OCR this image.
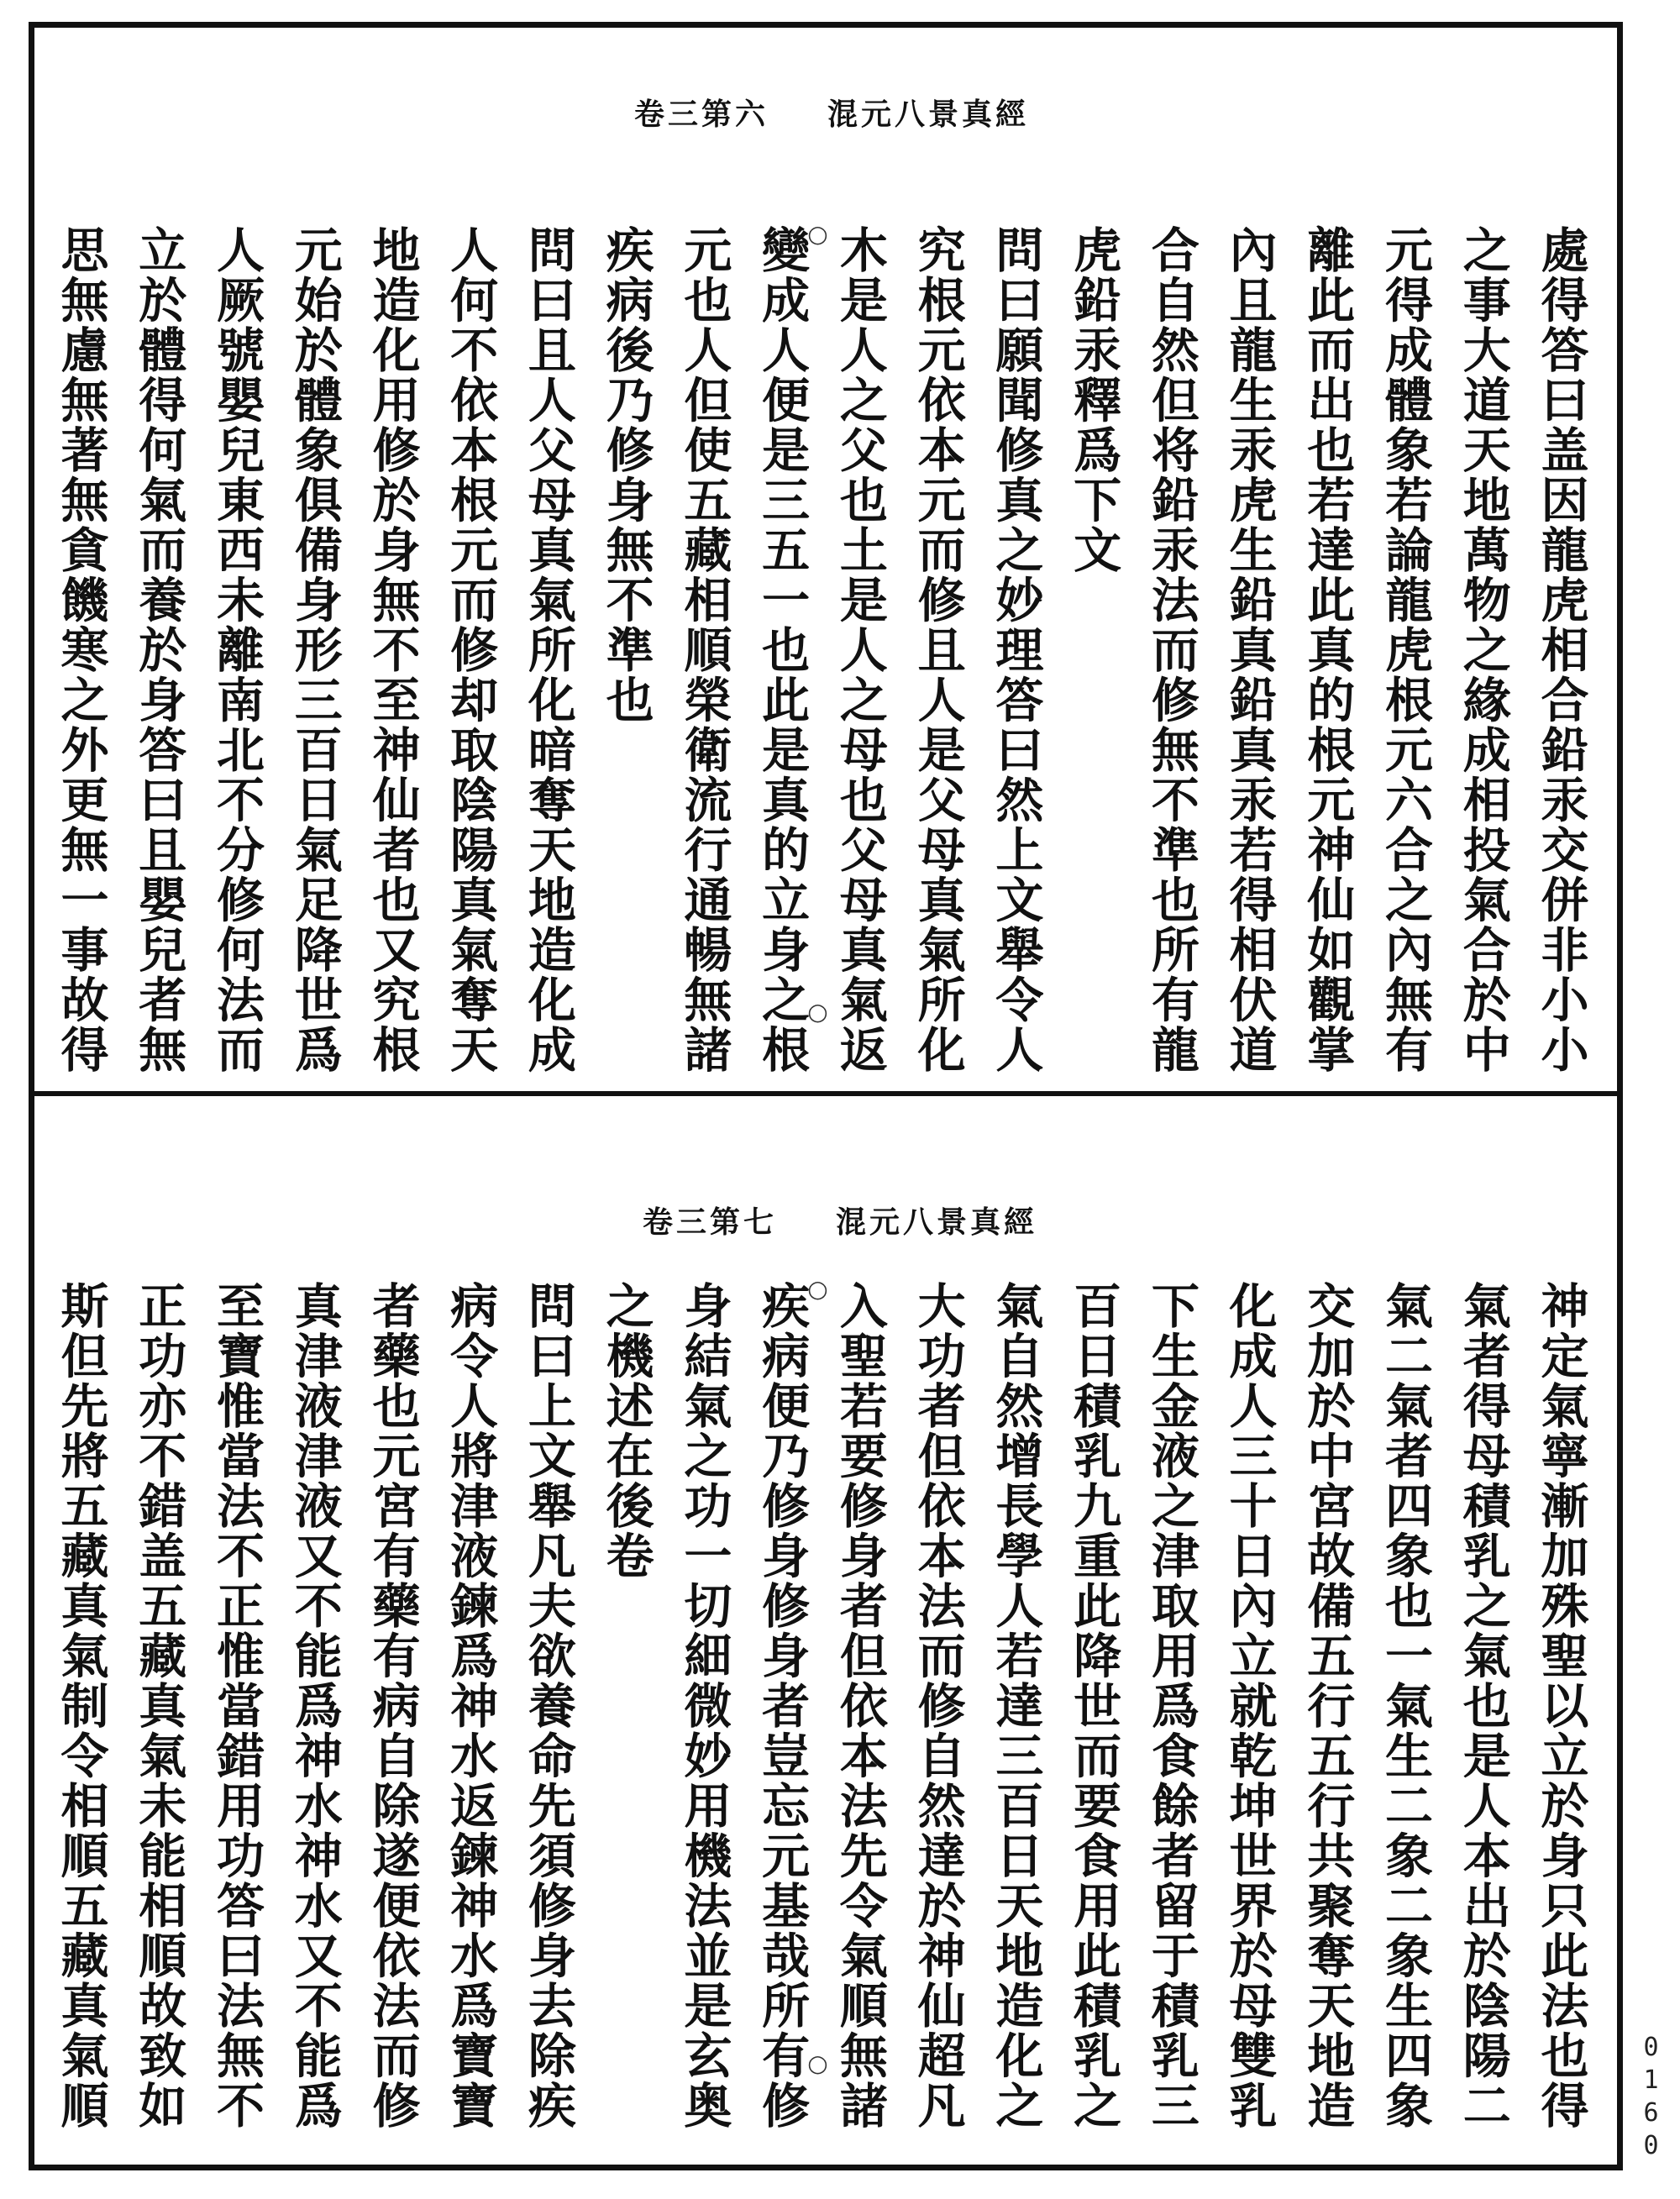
卷三第六 混元八景真經
處得答曰盖因龍虎相合鉛汞交併非小小
之事大道天地萬物之緣成相投氣合於中
元得成體象若論龍虎根元六合之內無有
離此而出也若達此真的根元神仙如觀掌
內且龍生汞虎生鉛真鉛真汞若得相伏道
合自然但将鉛汞法而修無不準也所有龍
虎鉛汞釋爲下文
問曰願聞修真之妙理答曰然上文舉令人
究根元依本元而修且人是父母真氣所化
木是人之父也土是人之母也父母真氣返
變成人便是三五一也此是真的立身之根
元也人但使五藏相順榮衛流行通暢無諸
疾病後乃修身無不準也
問曰且人父母真氣所化暗奪天地造化成
人何不依本根元而修却取陰陽真氣奪天
地造化用修於身無不至神仙者也又究根
元始於體象俱備身形三百日氣足降世爲
人厥號嬰兒東西未離南北不分修何法而
立於體得何氣而養於身答曰且嬰兒者無
思無慮無著無貪饑寒之外更無一事故得	○
○
卷三第七 混元八景真經
神定氣寧漸加殊聖以立於身只此法也得
氣者得母積乳之氣也是人本出於陰陽二
氣二氣者四象也一氣生二象二象生四象
交加於中宮故備五行五行共聚奪天地造
化成人三十日內立就乾坤世界於母雙乳
下生金液之津取用爲食餘者留于積乳三
百日積乳九重此降世而要食用此積乳之
氣自然增長學人若達三百日天地造化之
大功者但依本法而修自然達於神仙超凡
入聖若要修身者但依本法先令氣順無諸
疾病便乃修身修身者豈忘元基哉所有修
身結氣之功一切細微妙用機法並是玄奥
之機述在後卷
問曰上文舉凡夫欲養命先須修身去除疾
病令人將津液鍊爲神水返鍊神水爲寶寶
者藥也元宮有藥有病自除遂便依法而修
真津液津液又不能爲神水神水又不能爲
至寶惟當法不正惟當錯用功答曰法無不
正功亦不錯盖五藏真氣未能相順故致如
斯但先將五藏真氣制令相順五藏真氣順	○
○	0160
